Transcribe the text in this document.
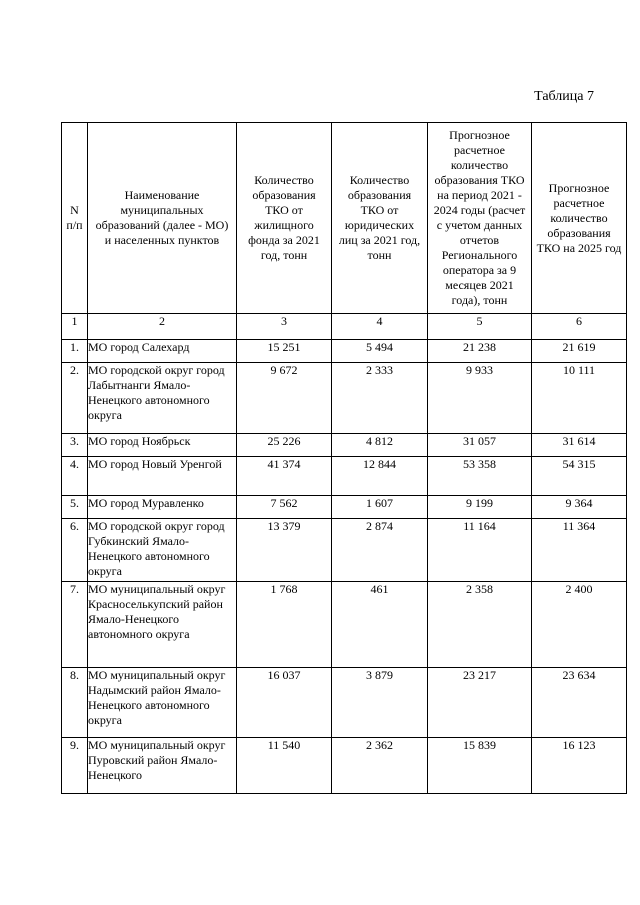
Таблица 7
N п/п	Наименование муниципальных образований (далее - МО) и населенных пунктов	Количество образования ТКО от жилищного фонда за 2021 год, тонн	Количество образования ТКО от юридических лиц за 2021 год, тонн	Прогнозное расчетное количество образования ТКО на период 2021 - 2024 годы (расчет с учетом данных отчетов Регионального оператора за 9 месяцев 2021 года), тонн	Прогнозное расчетное количество образования ТКО на 2025 год
1	2	3	4	5	6
1.	МО город Салехард	15 251	5 494	21 238	21 619
2.	МО городской округ город Лабытнанги Ямало-Ненецкого автономного округа	9 672	2 333	9 933	10 111
3.	МО город Ноябрьск	25 226	4 812	31 057	31 614
4.	МО город Новый Уренгой	41 374	12 844	53 358	54 315
5.	МО город Муравленко	7 562	1 607	9 199	9 364
6.	МО городской округ город Губкинский Ямало-Ненецкого автономного округа	13 379	2 874	11 164	11 364
7.	МО муниципальный округ Красноселькупский район Ямало-Ненецкого автономного округа	1 768	461	2 358	2 400
8.	МО муниципальный округ Надымский район Ямало-Ненецкого автономного округа	16 037	3 879	23 217	23 634
9.	МО муниципальный округ Пуровский район Ямало-Ненецкого	11 540	2 362	15 839	16 123
